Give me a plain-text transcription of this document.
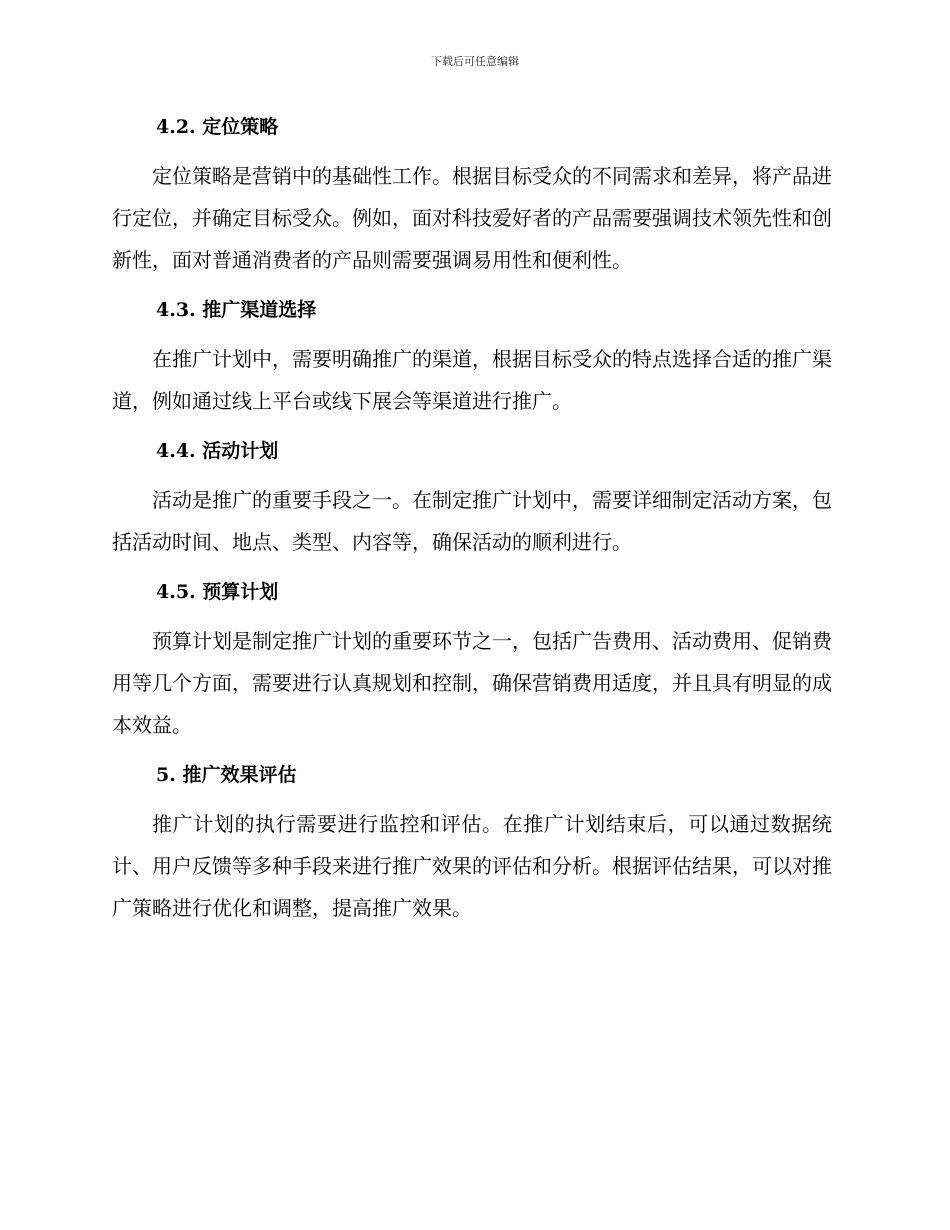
下载后可任意编辑
4.2. 定位策略

定位策略是营销中的基础性工作。根据目标受众的不同需求和差异，将产品进行定位，并确定目标受众。例如，面对科技爱好者的产品需要强调技术领先性和创新性，面对普通消费者的产品则需要强调易用性和便利性。

4.3. 推广渠道选择

在推广计划中，需要明确推广的渠道，根据目标受众的特点选择合适的推广渠道，例如通过线上平台或线下展会等渠道进行推广。

4.4. 活动计划

活动是推广的重要手段之一。在制定推广计划中，需要详细制定活动方案，包括活动时间、地点、类型、内容等，确保活动的顺利进行。

4.5. 预算计划

预算计划是制定推广计划的重要环节之一，包括广告费用、活动费用、促销费用等几个方面，需要进行认真规划和控制，确保营销费用适度，并且具有明显的成本效益。

5. 推广效果评估

推广计划的执行需要进行监控和评估。在推广计划结束后，可以通过数据统计、用户反馈等多种手段来进行推广效果的评估和分析。根据评估结果，可以对推广策略进行优化和调整，提高推广效果。
